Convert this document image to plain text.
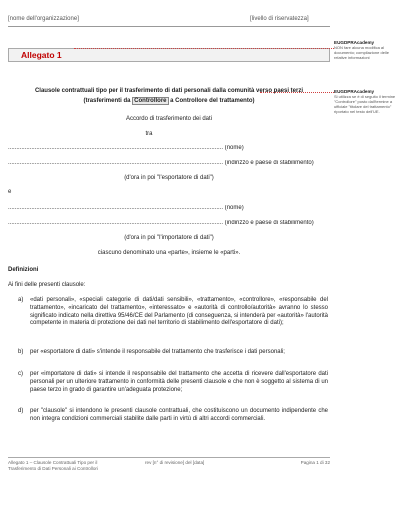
[nome dell'organizzazione]	[livello di riservatezza]
Allegato 1
EUGDPRAcademy
NON fare alcuna modifica al documento; compilazione delle relative informazioni
EUGDPRAcademy
Si utilizza se è di seguito il termine "Controllore" posto dall'termine a ufficiale "titolare del trattamento" riportato nel testo dell'UE.
Clausole contrattuali tipo per il trasferimento di dati personali dalla comunità verso paesi terzi
(trasferimenti da Controllore a Controllore del trattamento)
Accordo di trasferimento dei dati
tra
................................................................................................................................. (nome)
................................................................................................................................. (indirizzo e paese di stabilimento)
(d'ora in poi "l'esportatore di dati")
e
................................................................................................................................. (nome)
................................................................................................................................. (indirizzo e paese di stabilimento)
(d'ora in poi "l'importatore di dati")
ciascuno denominato una «parte», insieme le «parti».
Definizioni
Ai fini delle presenti clausole:
a) «dati personali», «speciali categorie di dati/dati sensibili», «trattamento», «controllore», «responsabile del trattamento», «incaricato del trattamento», «interessato» e «autorità di controllo/autorità» avranno lo stesso significato indicato nella direttiva 95/46/CE del Parlamento (di conseguenza, si intenderà per «autorità» l'autorità competente in materia di protezione dei dati nel territorio di stabilimento dell'esportatore di dati);
b) per «esportatore di dati» s'intende il responsabile del trattamento che trasferisce i dati personali;
c) per «importatore di dati» si intende il responsabile del trattamento che accetta di ricevere dall'esportatore dati personali per un ulteriore trattamento in conformità delle presenti clausole e che non è soggetto al sistema di un paese terzo in grado di garantire un'adeguata protezione;
d) per "clausole" si intendono le presenti clausole contrattuali, che costituiscono un documento indipendente che non integra condizioni commerciali stabilite dalle parti in virtù di altri accordi commerciali.
Allegato 1 – Clausole Contrattuali Tipo per il
Trasferimento di Dati Personali ai Controllori
rev [n° di revisione] del [data]	Pagina 1 di 32
